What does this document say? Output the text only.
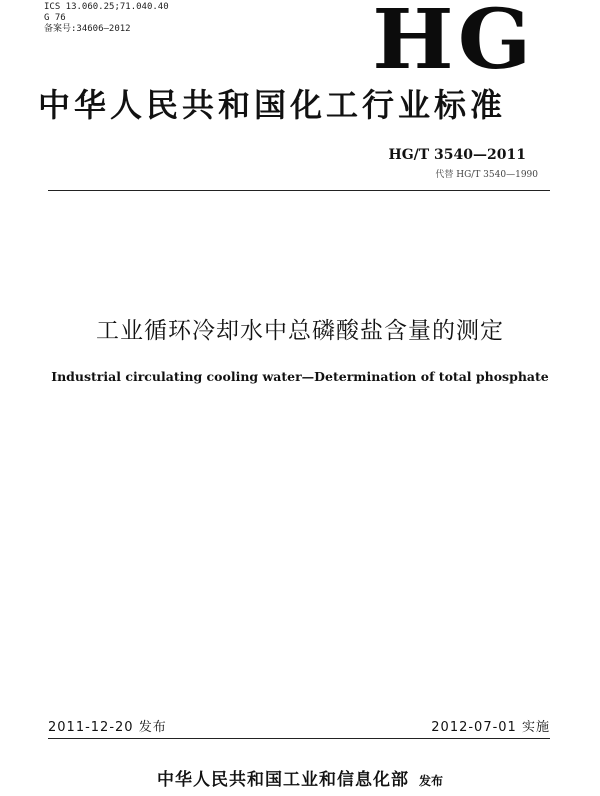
ICS 13.060.25;71.040.40
G 76
备案号:34606—2012	HG
中华人民共和国化工行业标准
HG/T 3540—2011
代替 HG/T 3540—1990
工业循环冷却水中总磷酸盐含量的测定
Industrial circulating cooling water—Determination of total phosphate
2011-12-20 发布	2012-07-01 实施
中华人民共和国工业和信息化部 发布
